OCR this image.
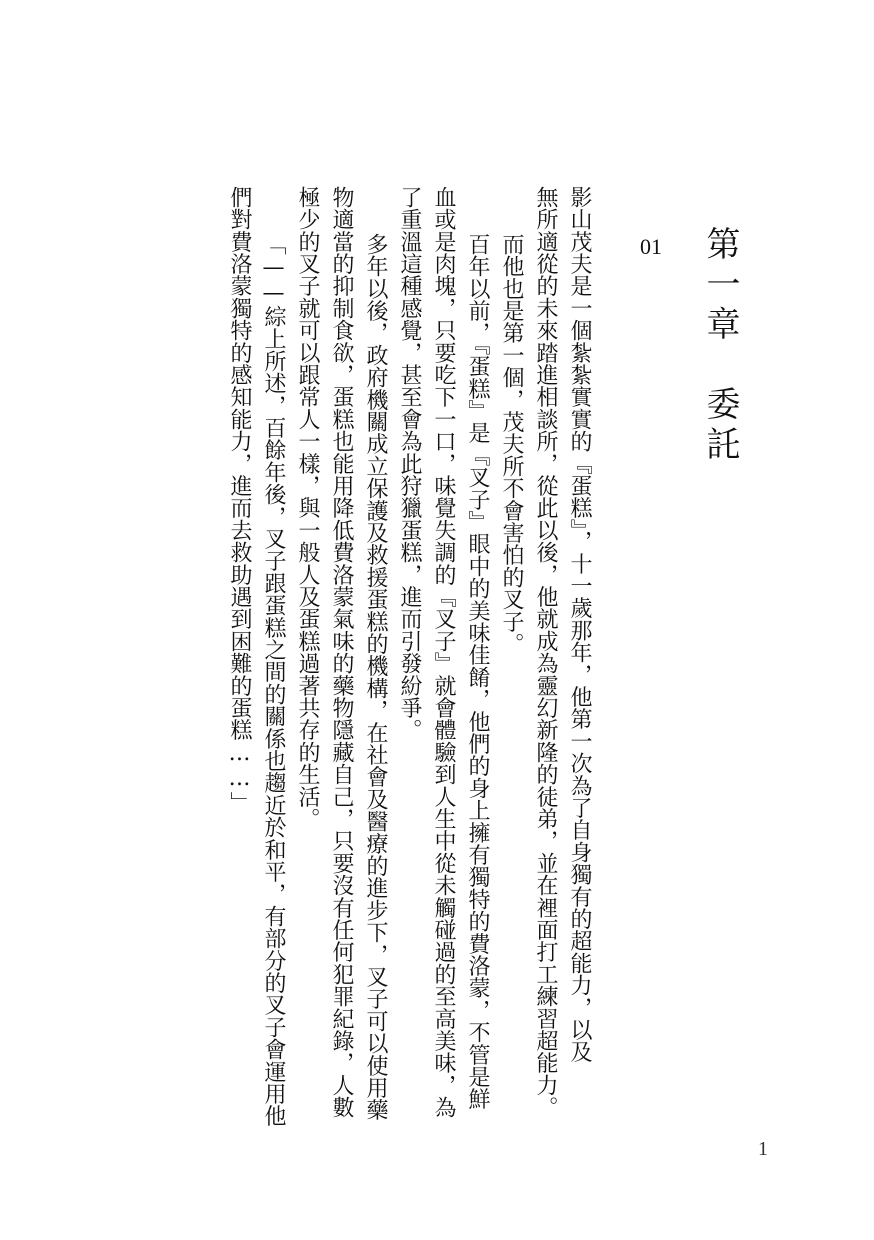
第一章　委託
01
影山茂夫是一個紮紮實實的『蛋糕』，十一歲那年，他第一次為了自身獨有的超能力，以及
無所適從的未來踏進相談所，從此以後，他就成為靈幻新隆的徒弟，並在裡面打工練習超能力。
而他也是第一個，茂夫所不會害怕的叉子。
百年以前，『蛋糕』是『叉子』眼中的美味佳餚，他們的身上擁有獨特的費洛蒙，不管是鮮
血或是肉塊，只要吃下一口，味覺失調的『叉子』就會體驗到人生中從未觸碰過的至高美味，為
了重溫這種感覺，甚至會為此狩獵蛋糕，進而引發紛爭。
多年以後，政府機關成立保護及救援蛋糕的機構，在社會及醫療的進步下，叉子可以使用藥
物適當的抑制食欲，蛋糕也能用降低費洛蒙氣味的藥物隱藏自己，只要沒有任何犯罪紀錄，人數
極少的叉子就可以跟常人一樣，與一般人及蛋糕過著共存的生活。
「——綜上所述，百餘年後，叉子跟蛋糕之間的關係也趨近於和平，有部分的叉子會運用他
們對費洛蒙獨特的感知能力，進而去救助遇到困難的蛋糕……」
1
